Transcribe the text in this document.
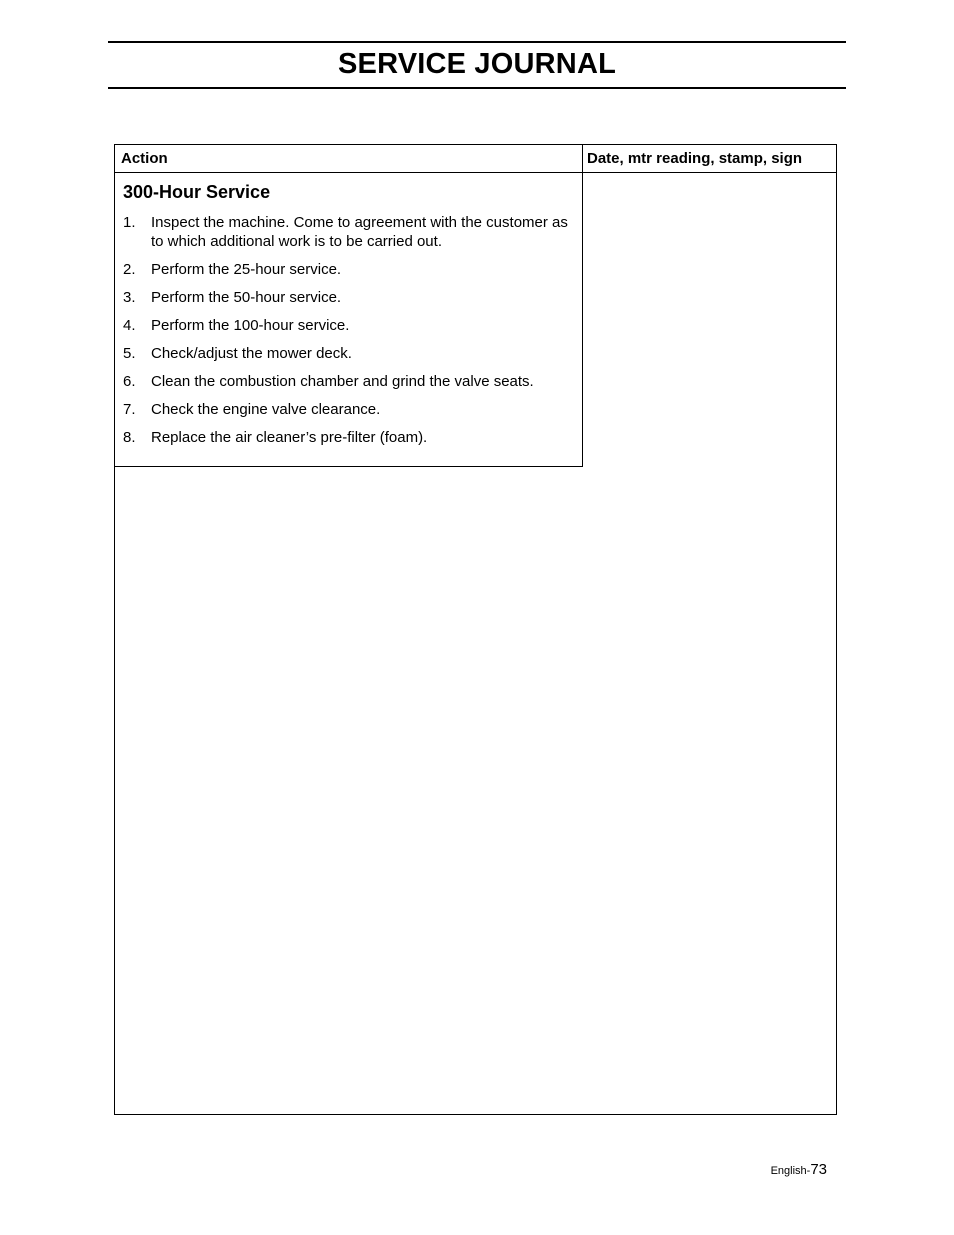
SERVICE JOURNAL
Action	Date, mtr reading, stamp, sign
300-Hour Service
1. Inspect the machine. Come to agreement with the customer as to which additional work is to be carried out.
2. Perform the 25-hour service.
3. Perform the 50-hour service.
4. Perform the 100-hour service.
5. Check/adjust the mower deck.
6. Clean the combustion chamber and grind the valve seats.
7. Check the engine valve clearance.
8. Replace the air cleaner’s pre-filter (foam).
English-73
